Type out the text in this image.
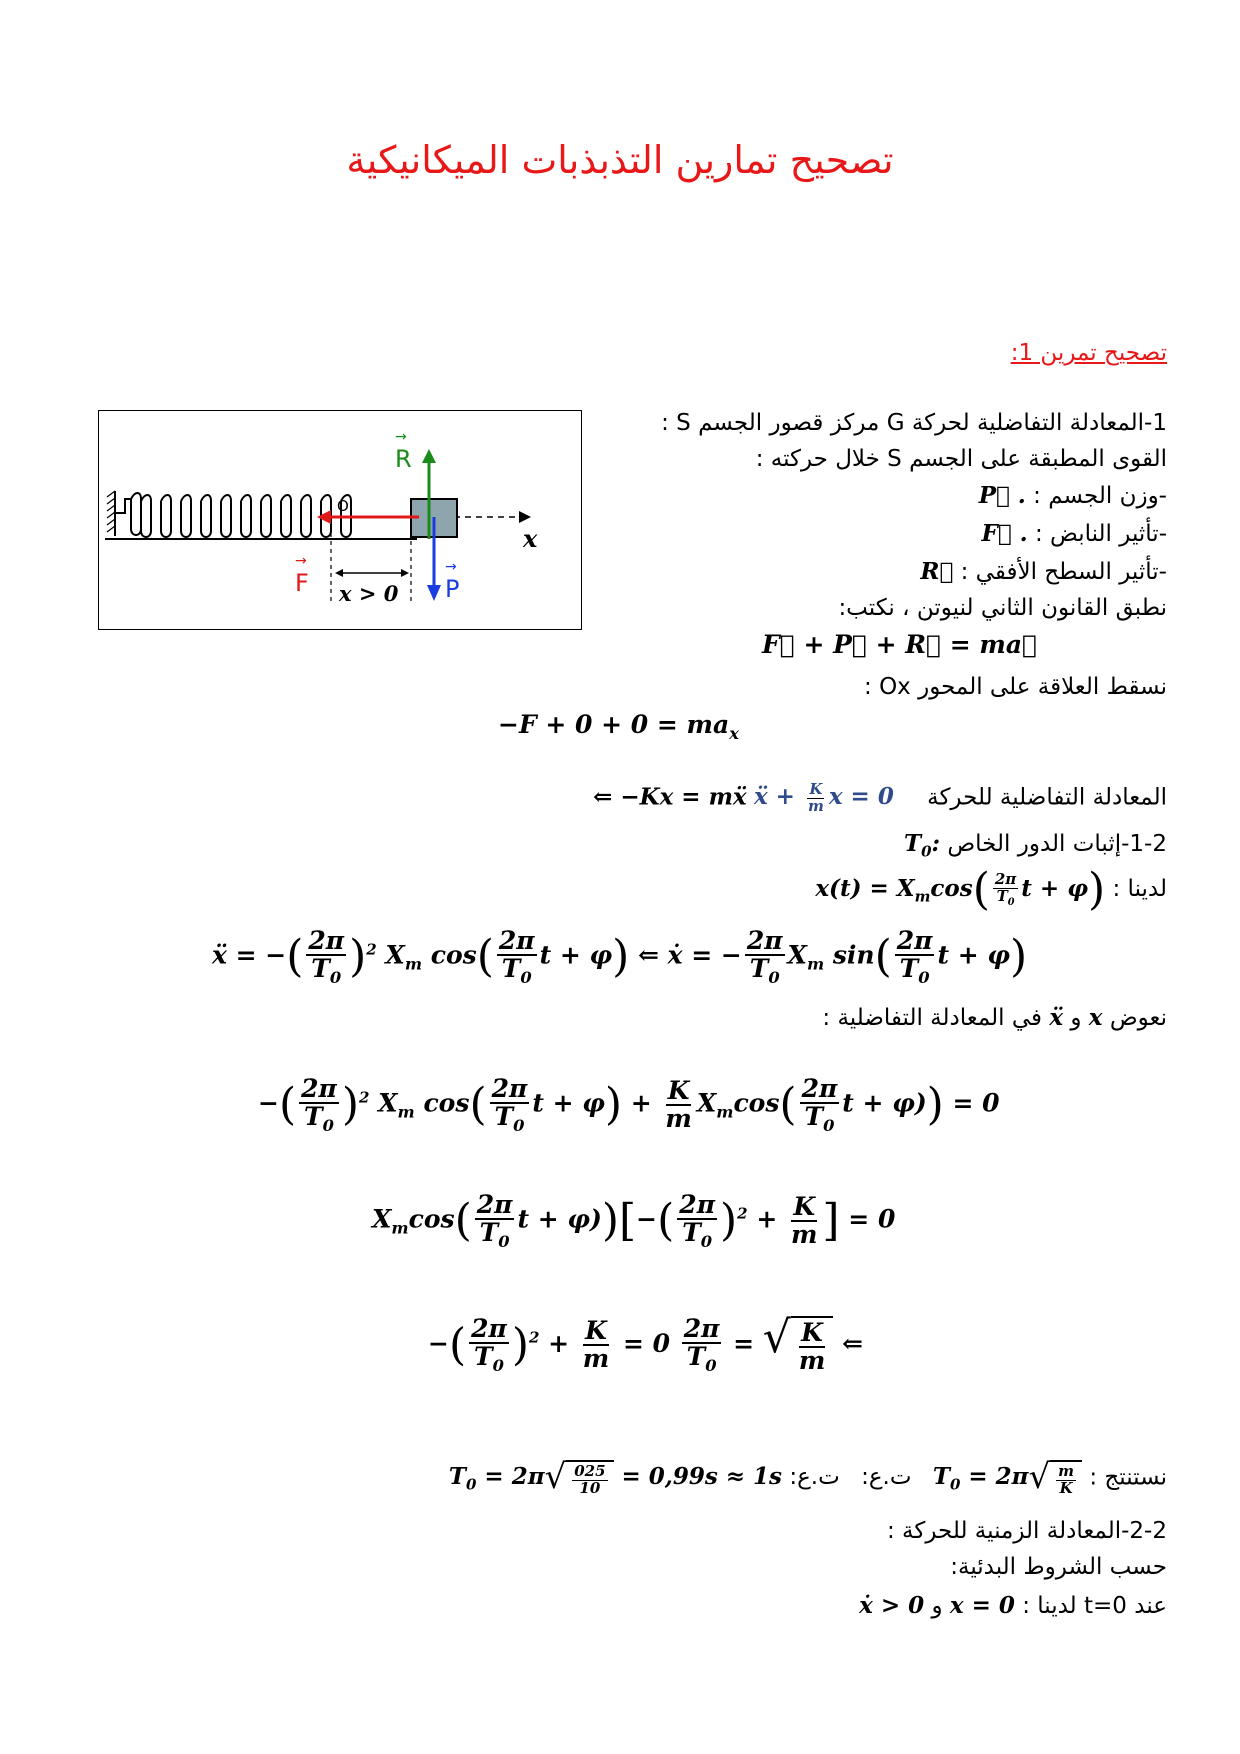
تصحيح تمارين التذبذبات الميكانيكية
تصحيح تمرين 1:
R
→
F
→
P
→
x
O
x > 0
1-المعادلة التفاضلية لحركة G مركز قصور الجسم S :
القوى المطبقة على الجسم S خلال حركته :
-وزن الجسم : P⃗ .
-تأثير النابض : F⃗ .
-تأثير السطح الأفقي : R⃗
نطبق القانون الثاني لنيوتن ، نكتب:
F⃗ + P⃗ + R⃗ = ma⃗
نسقط العلاقة على المحور Ox :
$-F + 0 + 0 = ma_x$
المعادلة التفاضلية للحركة ẍ + $\frac{K}{m}$ x = 0 ⇐ −Kx = mẍ
1-2-إثبات الدور الخاص $T_0$:
لدينا : $x(t) = X_m\cos( \frac{2\pi}{T_0}$ t + φ)
ẍ = −( $\frac{2\pi}{T_0} )^2$ $X_m$ $\cos( \frac{2\pi}{T_0}$ t + φ) ⇐ ẋ = − $\frac{2\pi}{T_0} X_m$ $\sin( \frac{2\pi}{T_0}$ t + φ)
نعوض x و ẍ في المعادلة التفاضلية :
−( $\frac{2\pi}{T_0} )^2$ $X_m$ $\cos( \frac{2\pi}{T_0}$ $t + \varphi) + \frac{K}{m} X_m\cos( \frac{2\pi}{T_0}$ t + φ)) = 0
$X_m\cos( \frac{2\pi}{T_0}$ $t + \varphi))[-( \frac{2\pi}{T_0} )^2 + \frac{K}{m}$ ] = 0
−( $\frac{2\pi}{T_0} )^2 + \frac{K}{m} = 0 \frac{2\pi}{T_0}$ = √ $\frac{K}{m}$ ⇐
نستنتج : $T_0 = 2\pi$ √ $\frac{m}{K}$
ت.ع: ت.ع: $T_0 = 2\pi$ √ $\frac{025}{10} = 0,99s \approx 1s$
2-2-المعادلة الزمنية للحركة :
حسب الشروط البدئية:
عند t=0 لدينا : x = 0 و ẋ > 0
